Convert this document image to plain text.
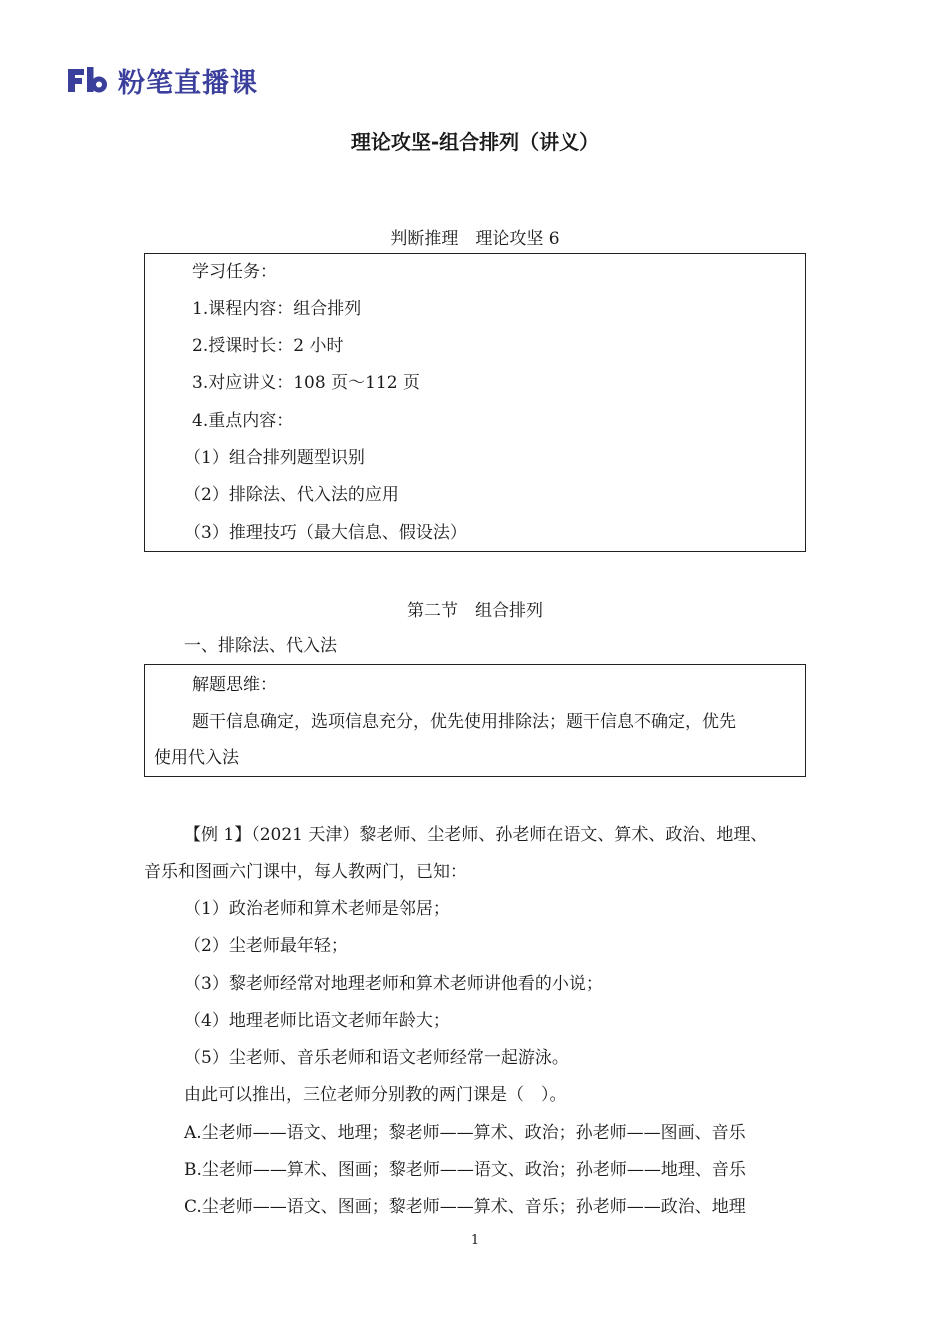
粉笔直播课
理论攻坚-组合排列（讲义）
判断推理　理论攻坚 6
学习任务：
1.课程内容：组合排列
2.授课时长：2 小时
3.对应讲义：108 页～112 页
4.重点内容：
（1）组合排列题型识别
（2）排除法、代入法的应用
（3）推理技巧（最大信息、假设法）
第二节　组合排列
一、排除法、代入法
解题思维：
题干信息确定，选项信息充分，优先使用排除法；题干信息不确定，优先
使用代入法
【例 1】（2021 天津）黎老师、尘老师、孙老师在语文、算术、政治、地理、
音乐和图画六门课中，每人教两门，已知：
（1）政治老师和算术老师是邻居；
（2）尘老师最年轻；
（3）黎老师经常对地理老师和算术老师讲他看的小说；
（4）地理老师比语文老师年龄大；
（5）尘老师、音乐老师和语文老师经常一起游泳。
由此可以推出，三位老师分别教的两门课是（　）。
A.尘老师——语文、地理；黎老师——算术、政治；孙老师——图画、音乐
B.尘老师——算术、图画；黎老师——语文、政治；孙老师——地理、音乐
C.尘老师——语文、图画；黎老师——算术、音乐；孙老师——政治、地理
1
